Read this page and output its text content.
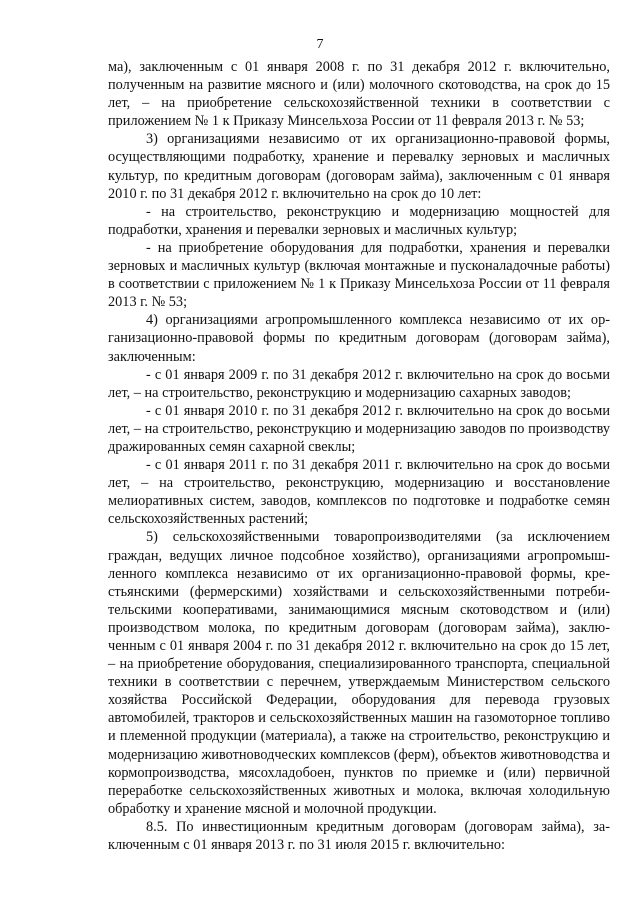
7

ма), заключенным с 01 января 2008 г. по 31 декабря 2012 г. включительно, полученным на развитие мясного и (или) молочного скотоводства, на срок до 15 лет, – на приобретение сельскохозяйственной техники в соответствии с приложением № 1 к Приказу Минсельхоза России от 11 февраля 2013 г. № 53;

3) организациями независимо от их организационно-правовой формы, осуществляющими подработку, хранение и перевалку зерновых и масличных культур, по кредитным договорам (договорам займа), заключенным с 01 января 2010 г. по 31 декабря 2012 г. включительно на срок до 10 лет:

- на строительство, реконструкцию и модернизацию мощностей для подработки, хранения и перевалки зерновых и масличных культур;

- на приобретение оборудования для подработки, хранения и перевалки зерновых и масличных культур (включая монтажные и пусконаладочные работы) в соответствии с приложением № 1 к Приказу Минсельхоза России от 11 февраля 2013 г. № 53;

4) организациями агропромышленного комплекса независимо от их организационно-правовой формы по кредитным договорам (договорам займа), заключенным:

- с 01 января 2009 г. по 31 декабря 2012 г. включительно на срок до восьми лет, – на строительство, реконструкцию и модернизацию сахарных заводов;

- с 01 января 2010 г. по 31 декабря 2012 г. включительно на срок до восьми лет, – на строительство, реконструкцию и модернизацию заводов по производству дражированных семян сахарной свеклы;

- с 01 января 2011 г. по 31 декабря 2011 г. включительно на срок до восьми лет, – на строительство, реконструкцию, модернизацию и восстановление мелиоративных систем, заводов, комплексов по подготовке и подработке семян сельскохозяйственных растений;

5) сельскохозяйственными товаропроизводителями (за исключением граждан, ведущих личное подсобное хозяйство), организациями агропромышленного комплекса независимо от их организационно-правовой формы, крестьянскими (фермерскими) хозяйствами и сельскохозяйственными потребительскими кооперативами, занимающимися мясным скотоводством и (или) производством молока, по кредитным договорам (договорам займа), заключенным с 01 января 2004 г. по 31 декабря 2012 г. включительно на срок до 15 лет, – на приобретение оборудования, специализированного транспорта, специальной техники в соответствии с перечнем, утверждаемым Министерством сельского хозяйства Российской Федерации, оборудования для перевода грузовых автомобилей, тракторов и сельскохозяйственных машин на газомоторное топливо и племенной продукции (материала), а также на строительство, реконструкцию и модернизацию животноводческих комплексов (ферм), объектов животноводства и кормопроизводства, мясохладобоен, пунктов по приемке и (или) первичной переработке сельскохозяйственных животных и молока, включая холодильную обработку и хранение мясной и молочной продукции.

8.5. По инвестиционным кредитным договорам (договорам займа), заключенным с 01 января 2013 г. по 31 июля 2015 г. включительно:
